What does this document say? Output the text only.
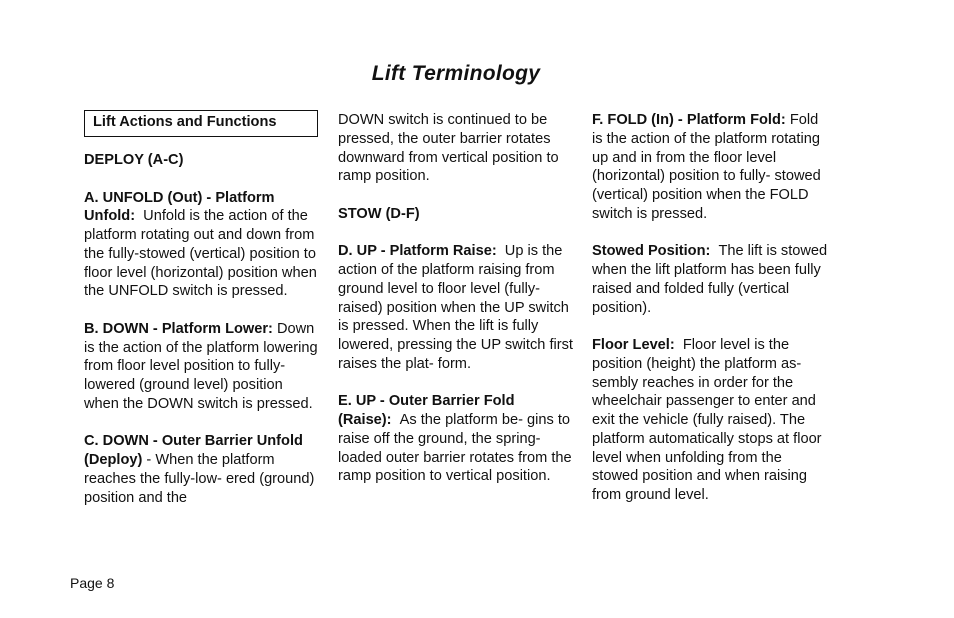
Lift Terminology

Lift Actions and Functions

DEPLOY (A-C)

A. UNFOLD (Out) - Platform Unfold: Unfold is the action of the platform rotating out and down from the fully-stowed (vertical) position to floor level (horizontal) position when the UNFOLD switch is pressed.

B. DOWN - Platform Lower: Down is the action of the platform lowering from floor level position to fully-lowered (ground level) position when the DOWN switch is pressed.

C. DOWN - Outer Barrier Unfold (Deploy) - When the platform reaches the fully-low- ered (ground) position and the

DOWN switch is continued to be pressed, the outer barrier rotates downward from vertical position to ramp position.

STOW (D-F)

D. UP - Platform Raise: Up is the action of the platform raising from ground level to floor level (fully-raised) position when the UP switch is pressed. When the lift is fully lowered, pressing the UP switch first raises the plat- form.

E. UP - Outer Barrier Fold (Raise): As the platform be- gins to raise off the ground, the spring-loaded outer barrier rotates from the ramp position to vertical position.

F. FOLD (In) - Platform Fold: Fold is the action of the platform rotating up and in from the floor level (horizontal) position to fully- stowed (vertical) position when the FOLD switch is pressed.

Stowed Position: The lift is stowed when the lift platform has been fully raised and folded fully (vertical position).

Floor Level: Floor level is the position (height) the platform as- sembly reaches in order for the wheelchair passenger to enter and exit the vehicle (fully raised). The platform automatically stops at floor level when unfolding from the stowed position and when raising from ground level.

Page 8
